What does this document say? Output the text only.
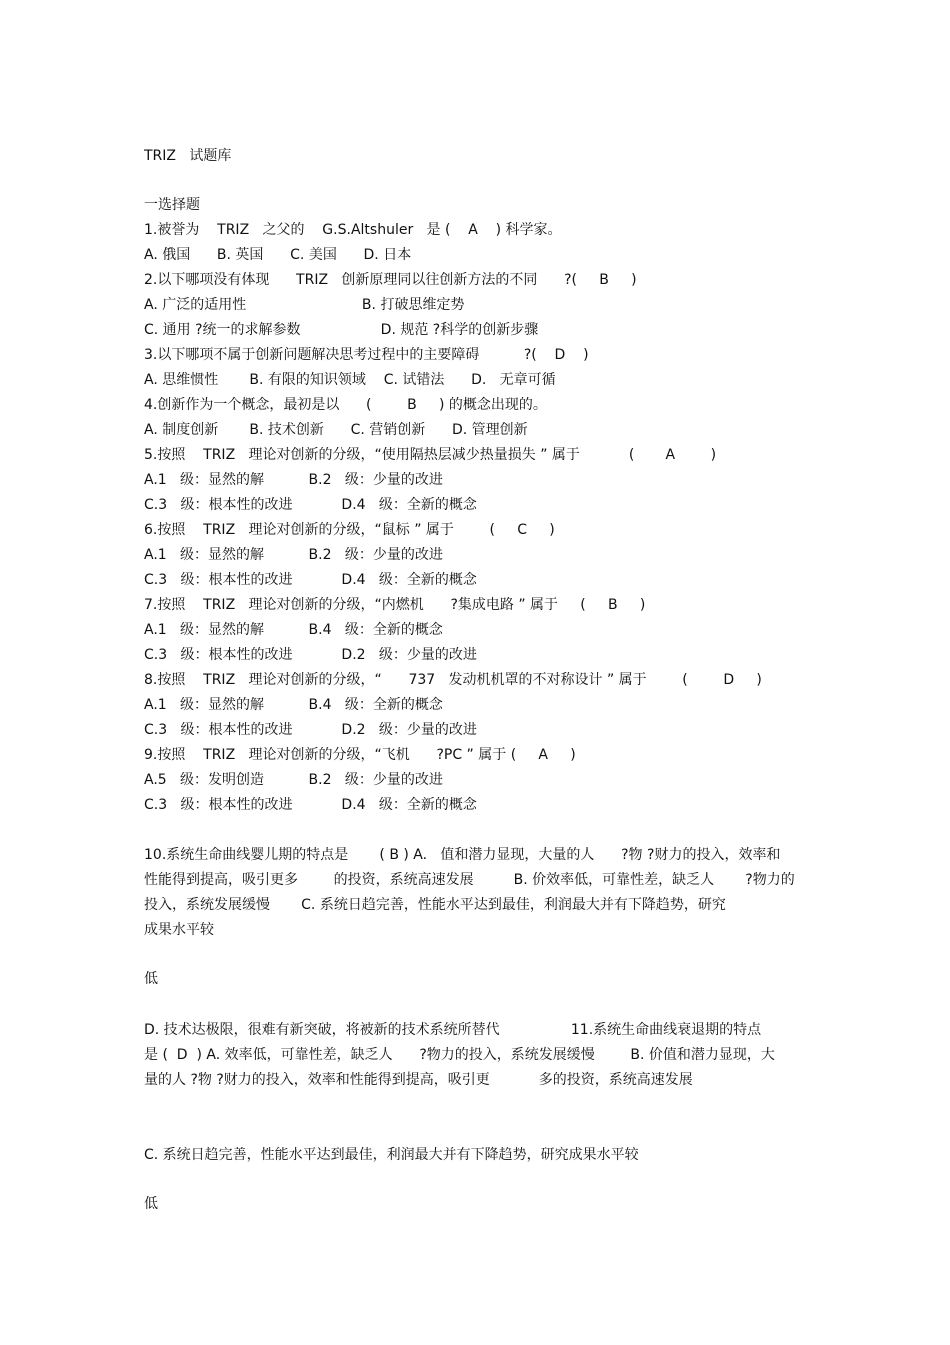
TRIZ   试题库
一选择题
1.被誉为    TRIZ   之父的    G.S.Altshuler   是 (    A    ) 科学家。
A. 俄国      B. 英国      C. 美国      D. 日本
2.以下哪项没有体现      TRIZ   创新原理同以往创新方法的不同      ?(     B     )
A. 广泛的适用性                          B. 打破思维定势
C. 通用 ?统一的求解参数                  D. 规范 ?科学的创新步骤
3.以下哪项不属于创新问题解决思考过程中的主要障碍          ?(    D    )
A. 思维惯性       B. 有限的知识领域    C. 试错法      D.   无章可循
4.创新作为一个概念，最初是以      (        B     ) 的概念出现的。
A. 制度创新       B. 技术创新      C. 营销创新      D. 管理创新
5.按照    TRIZ   理论对创新的分级，“使用隔热层减少热量损失 ” 属于           (       A        )
A.1   级：显然的解          B.2   级：少量的改进
C.3   级：根本性的改进           D.4   级：全新的概念
6.按照    TRIZ   理论对创新的分级，“鼠标 ” 属于        (     C     )
A.1   级：显然的解          B.2   级：少量的改进
C.3   级：根本性的改进           D.4   级：全新的概念
7.按照    TRIZ   理论对创新的分级，“内燃机      ?集成电路 ” 属于     (     B     )
A.1   级：显然的解          B.4   级：全新的概念
C.3   级：根本性的改进           D.2   级：少量的改进
8.按照    TRIZ   理论对创新的分级，“      737   发动机机罩的不对称设计 ” 属于        (        D     )
A.1   级：显然的解          B.4   级：全新的概念
C.3   级：根本性的改进           D.2   级：少量的改进
9.按照    TRIZ   理论对创新的分级，“飞机      ?PC ” 属于 (     A     )
A.5   级：发明创造          B.2   级：少量的改进
C.3   级：根本性的改进           D.4   级：全新的概念
10.系统生命曲线婴儿期的特点是       ( B ) A.   值和潜力显现，大量的人      ?物 ?财力的投入，效率和
性能得到提高，吸引更多        的投资，系统高速发展         B. 价效率低，可靠性差，缺乏人       ?物力的
投入，系统发展缓慢       C. 系统日趋完善，性能水平达到最佳，利润最大并有下降趋势，研究
成果水平较
低
D. 技术达极限，很难有新突破，将被新的技术系统所替代                11.系统生命曲线衰退期的特点
是 (  D  ) A. 效率低，可靠性差，缺乏人      ?物力的投入，系统发展缓慢        B. 价值和潜力显现，大
量的人 ?物 ?财力的投入，效率和性能得到提高，吸引更           多的投资，系统高速发展
C. 系统日趋完善，性能水平达到最佳，利润最大并有下降趋势，研究成果水平较
低
